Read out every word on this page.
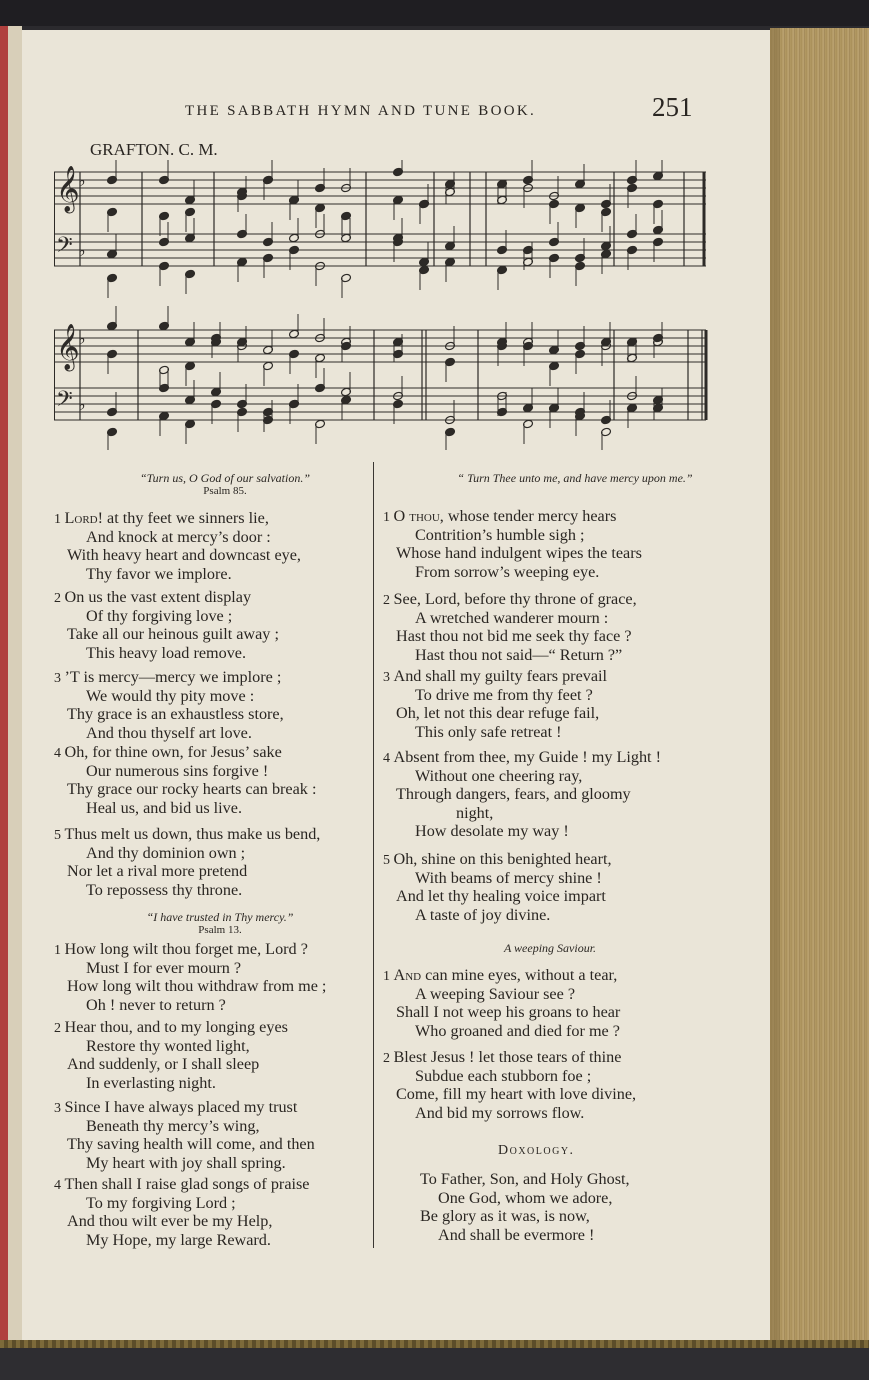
THE SABBATH HYMN AND TUNE BOOK.	251
GRAFTON. C. M.
𝄞
♭
𝄢 ♭
𝄞
♭
𝄢 ♭
“Turn us, O God of our salvation.”
Psalm 85.
1 Lord! at thy feet we sinners lie,
And knock at mercy’s door :
With heavy heart and downcast eye,
Thy favor we implore.
2 On us the vast extent display
Of thy forgiving love ;
Take all our heinous guilt away ;
This heavy load remove.
3 ’T is mercy—mercy we implore ;
We would thy pity move :
Thy grace is an exhaustless store,
And thou thyself art love.
4 Oh, for thine own, for Jesus’ sake
Our numerous sins forgive !
Thy grace our rocky hearts can break :
Heal us, and bid us live.
5 Thus melt us down, thus make us bend,
And thy dominion own ;
Nor let a rival more pretend
To repossess thy throne.
“I have trusted in Thy mercy.”
Psalm 13.
1 How long wilt thou forget me, Lord ?
Must I for ever mourn ?
How long wilt thou withdraw from me ;
Oh ! never to return ?
2 Hear thou, and to my longing eyes
Restore thy wonted light,
And suddenly, or I shall sleep
In everlasting night.
3 Since I have always placed my trust
Beneath thy mercy’s wing,
Thy saving health will come, and then
My heart with joy shall spring.
4 Then shall I raise glad songs of praise
To my forgiving Lord ;
And thou wilt ever be my Help,
My Hope, my large Reward.
“ Turn Thee unto me, and have mercy upon me.”
1 O thou, whose tender mercy hears
Contrition’s humble sigh ;
Whose hand indulgent wipes the tears
From sorrow’s weeping eye.
2 See, Lord, before thy throne of grace,
A wretched wanderer mourn :
Hast thou not bid me seek thy face ?
Hast thou not said—“ Return ?”
3 And shall my guilty fears prevail
To drive me from thy feet ?
Oh, let not this dear refuge fail,
This only safe retreat !
4 Absent from thee, my Guide ! my Light !
Without one cheering ray,
Through dangers, fears, and gloomy
night,
How desolate my way !
5 Oh, shine on this benighted heart,
With beams of mercy shine !
And let thy healing voice impart
A taste of joy divine.
A weeping Saviour.
1 And can mine eyes, without a tear,
A weeping Saviour see ?
Shall I not weep his groans to hear
Who groaned and died for me ?
2 Blest Jesus ! let those tears of thine
Subdue each stubborn foe ;
Come, fill my heart with love divine,
And bid my sorrows flow.
Doxology.
To Father, Son, and Holy Ghost,
One God, whom we adore,
Be glory as it was, is now,
And shall be evermore !
